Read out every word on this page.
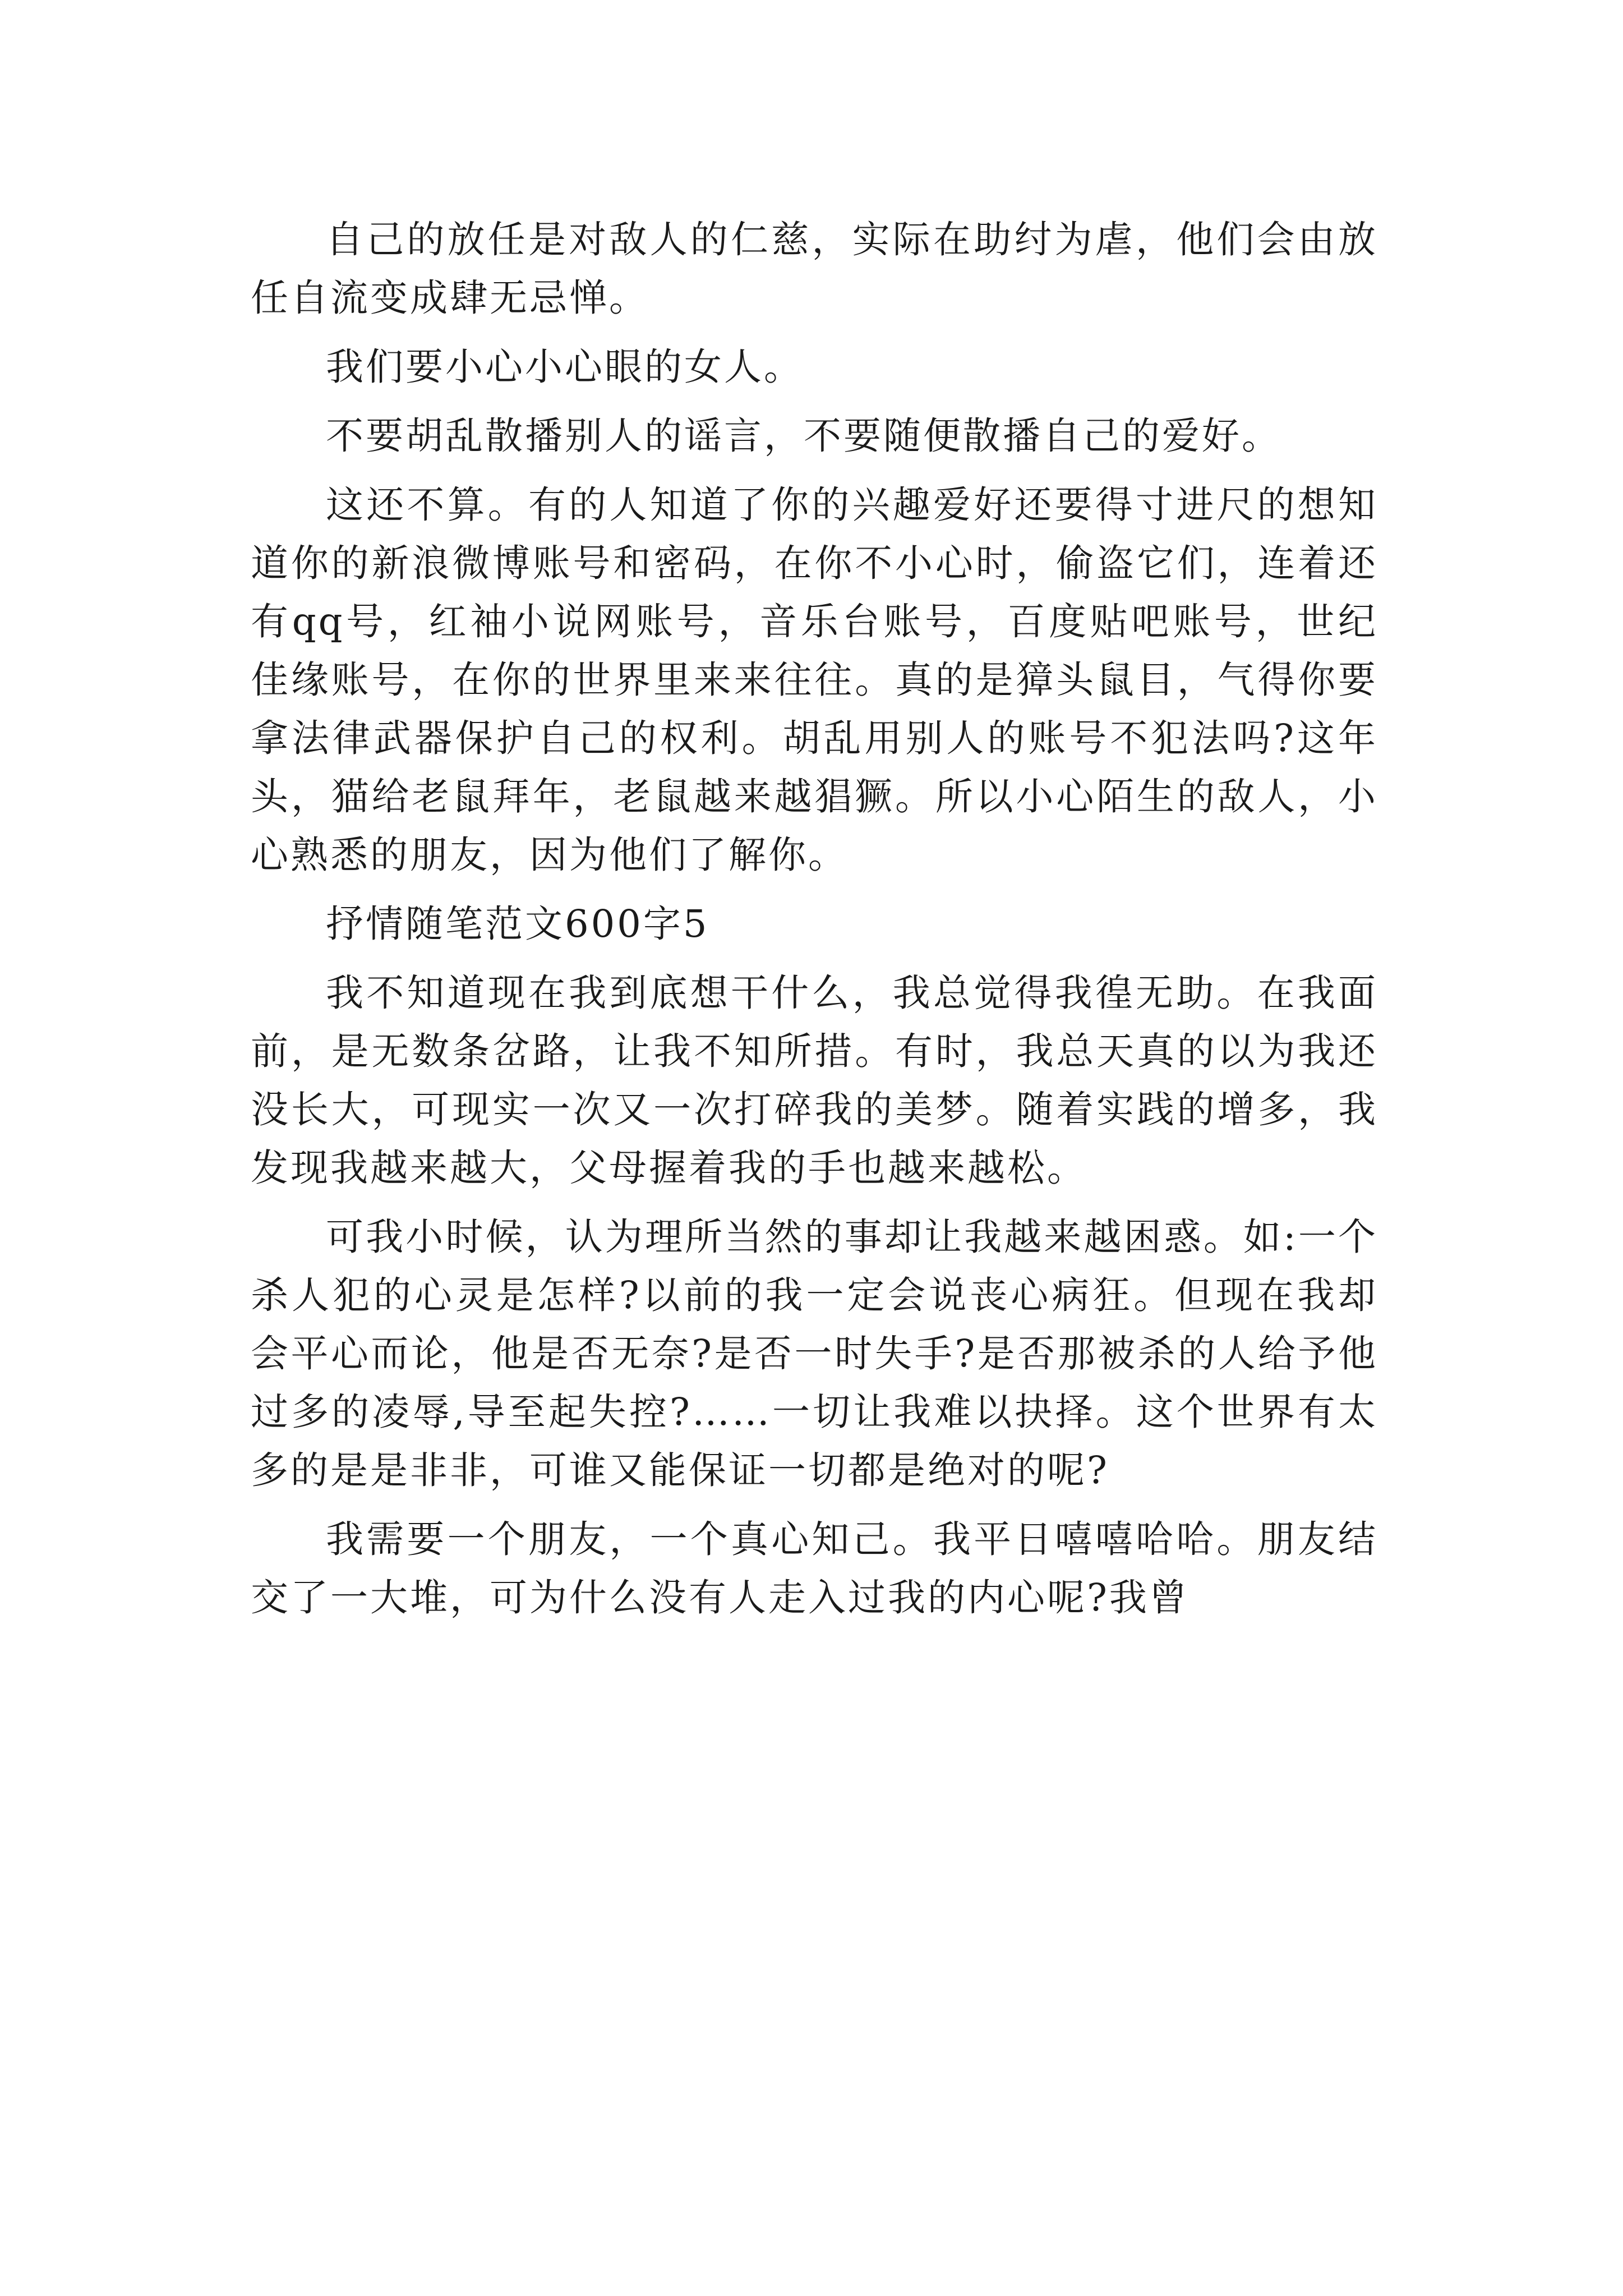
自己的放任是对敌人的仁慈，实际在助纣为虐，他们会由放任自流变成肆无忌惮。

我们要小心小心眼的女人。

不要胡乱散播别人的谣言，不要随便散播自己的爱好。

这还不算。有的人知道了你的兴趣爱好还要得寸进尺的想知道你的新浪微博账号和密码，在你不小心时，偷盗它们，连着还有qq号，红袖小说网账号，音乐台账号，百度贴吧账号，世纪佳缘账号，在你的世界里来来往往。真的是獐头鼠目，气得你要拿法律武器保护自己的权利。胡乱用别人的账号不犯法吗?这年头，猫给老鼠拜年，老鼠越来越猖獗。所以小心陌生的敌人，小心熟悉的朋友，因为他们了解你。

抒情随笔范文600字5

我不知道现在我到底想干什么，我总觉得我徨无助。在我面前，是无数条岔路，让我不知所措。有时，我总天真的以为我还没长大，可现实一次又一次打碎我的美梦。随着实践的增多，我发现我越来越大，父母握着我的手也越来越松。

可我小时候，认为理所当然的事却让我越来越困惑。如:一个杀人犯的心灵是怎样?以前的我一定会说丧心病狂。但现在我却会平心而论，他是否无奈?是否一时失手?是否那被杀的人给予他过多的凌辱,导至起失控?……一切让我难以抉择。这个世界有太多的是是非非，可谁又能保证一切都是绝对的呢?

我需要一个朋友，一个真心知己。我平日嘻嘻哈哈。朋友结交了一大堆，可为什么没有人走入过我的内心呢?我曾
